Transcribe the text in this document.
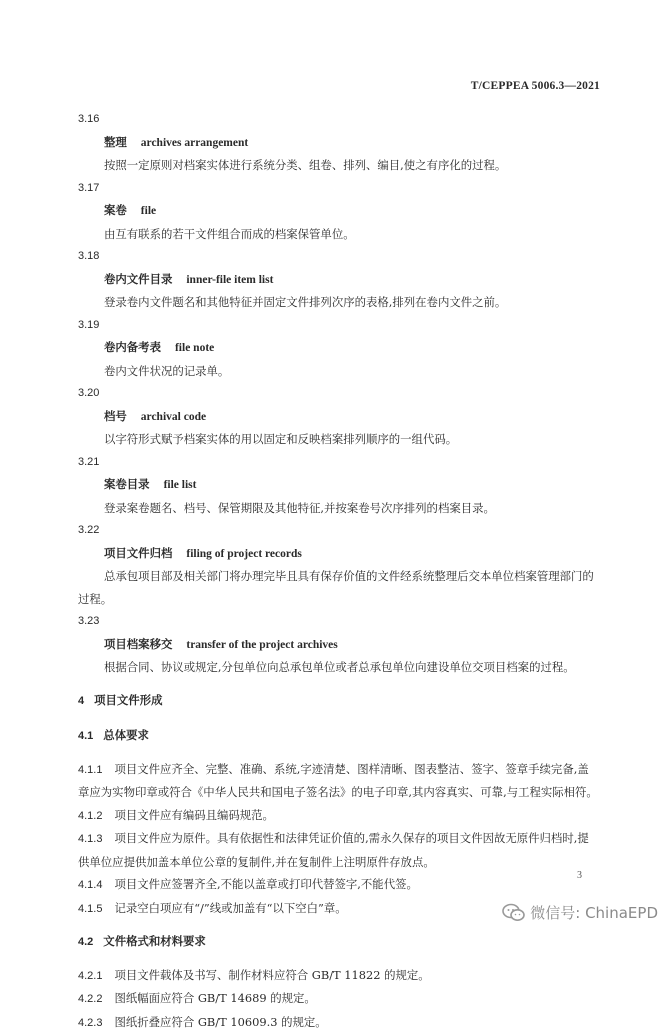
T/CEPPEA 5006.3—2021
3.16
整理 archives arrangement
按照一定原则对档案实体进行系统分类、组卷、排列、编目,使之有序化的过程。
3.17
案卷 file
由互有联系的若干文件组合而成的档案保管单位。
3.18
卷内文件目录 inner-file item list
登录卷内文件题名和其他特征并固定文件排列次序的表格,排列在卷内文件之前。
3.19
卷内备考表 file note
卷内文件状况的记录单。
3.20
档号 archival code
以字符形式赋予档案实体的用以固定和反映档案排列顺序的一组代码。
3.21
案卷目录 file list
登录案卷题名、档号、保管期限及其他特征,并按案卷号次序排列的档案目录。
3.22
项目文件归档 filing of project records
总承包项目部及相关部门将办理完毕且具有保存价值的文件经系统整理后交本单位档案管理部门的过程。
3.23
项目档案移交 transfer of the project archives
根据合同、协议或规定,分包单位向总承包单位或者总承包单位向建设单位交项目档案的过程。
4 项目文件形成
4.1 总体要求
4.1.1 项目文件应齐全、完整、准确、系统,字迹清楚、图样清晰、图表整洁、签字、签章手续完备,盖章应为实物印章或符合《中华人民共和国电子签名法》的电子印章,其内容真实、可靠,与工程实际相符。
4.1.2 项目文件应有编码且编码规范。
4.1.3 项目文件应为原件。具有依据性和法律凭证价值的,需永久保存的项目文件因故无原件归档时,提供单位应提供加盖本单位公章的复制件,并在复制件上注明原件存放点。
4.1.4 项目文件应签署齐全,不能以盖章或打印代替签字,不能代签。
4.1.5 记录空白项应有“/”线或加盖有“以下空白”章。
4.2 文件格式和材料要求
4.2.1 项目文件载体及书写、制作材料应符合 GB/T 11822 的规定。
4.2.2 图纸幅面应符合 GB/T 14689 的规定。
4.2.3 图纸折叠应符合 GB/T 10609.3 的规定。
3
微信号: ChinaEPD
